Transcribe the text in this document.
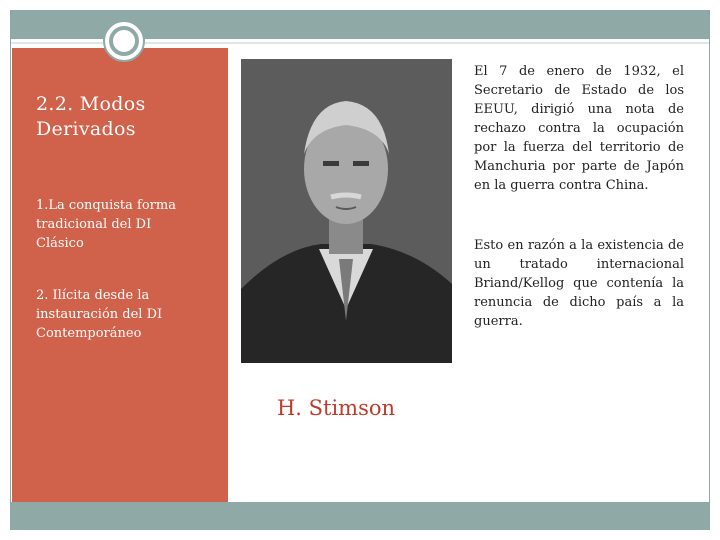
2.2. Modos Derivados
1.La conquista forma tradicional del DI Clásico
2. Ilícita desde la instauración del DI Contemporáneo
H. Stimson
El 7 de enero de 1932, el Secretario de Estado de los EEUU, dirigió una nota de rechazo contra la ocupación por la fuerza del territorio de Manchuria por parte de Japón en la guerra contra China.
Esto en razón a la existencia de un tratado internacional Briand/Kellog que contenía la renuncia de dicho país a la guerra.
